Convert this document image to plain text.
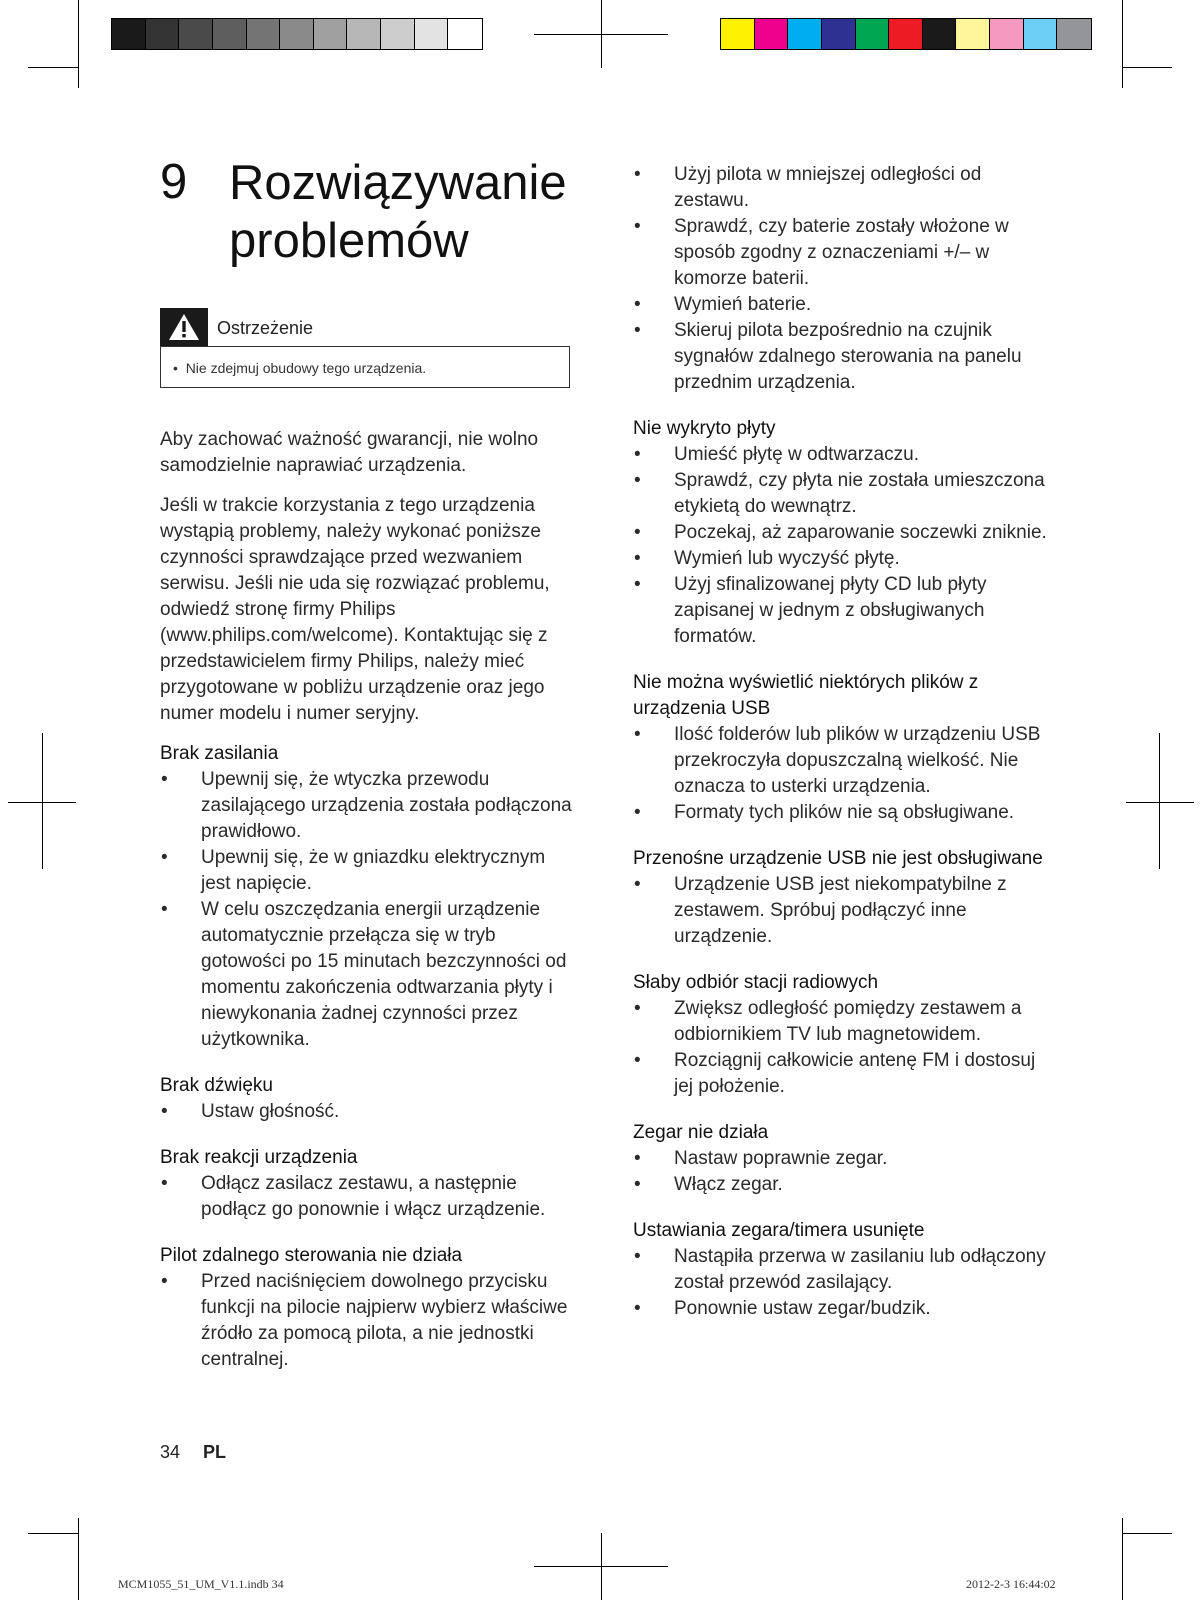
9 Rozwiązywanie problemów
Ostrzeżenie
•  Nie zdejmuj obudowy tego urządzenia.

Aby zachować ważność gwarancji, nie wolno samodzielnie naprawiać urządzenia.

Jeśli w trakcie korzystania z tego urządzenia wystąpią problemy, należy wykonać poniższe czynności sprawdzające przed wezwaniem serwisu. Jeśli nie uda się rozwiązać problemu, odwiedź stronę firmy Philips (www.philips.com/welcome). Kontaktując się z przedstawicielem firmy Philips, należy mieć przygotowane w pobliżu urządzenie oraz jego numer modelu i numer seryjny.

Brak zasilania
• Upewnij się, że wtyczka przewodu zasilającego urządzenia została podłączona prawidłowo.
• Upewnij się, że w gniazdku elektrycznym jest napięcie.
• W celu oszczędzania energii urządzenie automatycznie przełącza się w tryb gotowości po 15 minutach bezczynności od momentu zakończenia odtwarzania płyty i niewykonania żadnej czynności przez użytkownika.
Brak dźwięku
• Ustaw głośność.
Brak reakcji urządzenia
• Odłącz zasilacz zestawu, a następnie podłącz go ponownie i włącz urządzenie.
Pilot zdalnego sterowania nie działa
• Przed naciśnięciem dowolnego przycisku funkcji na pilocie najpierw wybierz właściwe źródło za pomocą pilota, a nie jednostki centralnej.
• Użyj pilota w mniejszej odległości od zestawu.
• Sprawdź, czy baterie zostały włożone w sposób zgodny z oznaczeniami +/– w komorze baterii.
• Wymień baterie.
• Skieruj pilota bezpośrednio na czujnik sygnałów zdalnego sterowania na panelu przednim urządzenia.
Nie wykryto płyty
• Umieść płytę w odtwarzaczu.
• Sprawdź, czy płyta nie została umieszczona etykietą do wewnątrz.
• Poczekaj, aż zaparowanie soczewki zniknie.
• Wymień lub wyczyść płytę.
• Użyj sfinalizowanej płyty CD lub płyty zapisanej w jednym z obsługiwanych formatów.
Nie można wyświetlić niektórych plików z urządzenia USB
• Ilość folderów lub plików w urządzeniu USB przekroczyła dopuszczalną wielkość. Nie oznacza to usterki urządzenia.
• Formaty tych plików nie są obsługiwane.
Przenośne urządzenie USB nie jest obsługiwane
• Urządzenie USB jest niekompatybilne z zestawem. Spróbuj podłączyć inne urządzenie.
Słaby odbiór stacji radiowych
• Zwiększ odległość pomiędzy zestawem a odbiornikiem TV lub magnetowidem.
• Rozciągnij całkowicie antenę FM i dostosuj jej położenie.
Zegar nie działa
• Nastaw poprawnie zegar.
• Włącz zegar.
Ustawiania zegara/timera usunięte
• Nastąpiła przerwa w zasilaniu lub odłączony został przewód zasilający.
• Ponownie ustaw zegar/budzik.
34 PL
MCM1055_51_UM_V1.1.indb 34	2012-2-3 16:44:02
